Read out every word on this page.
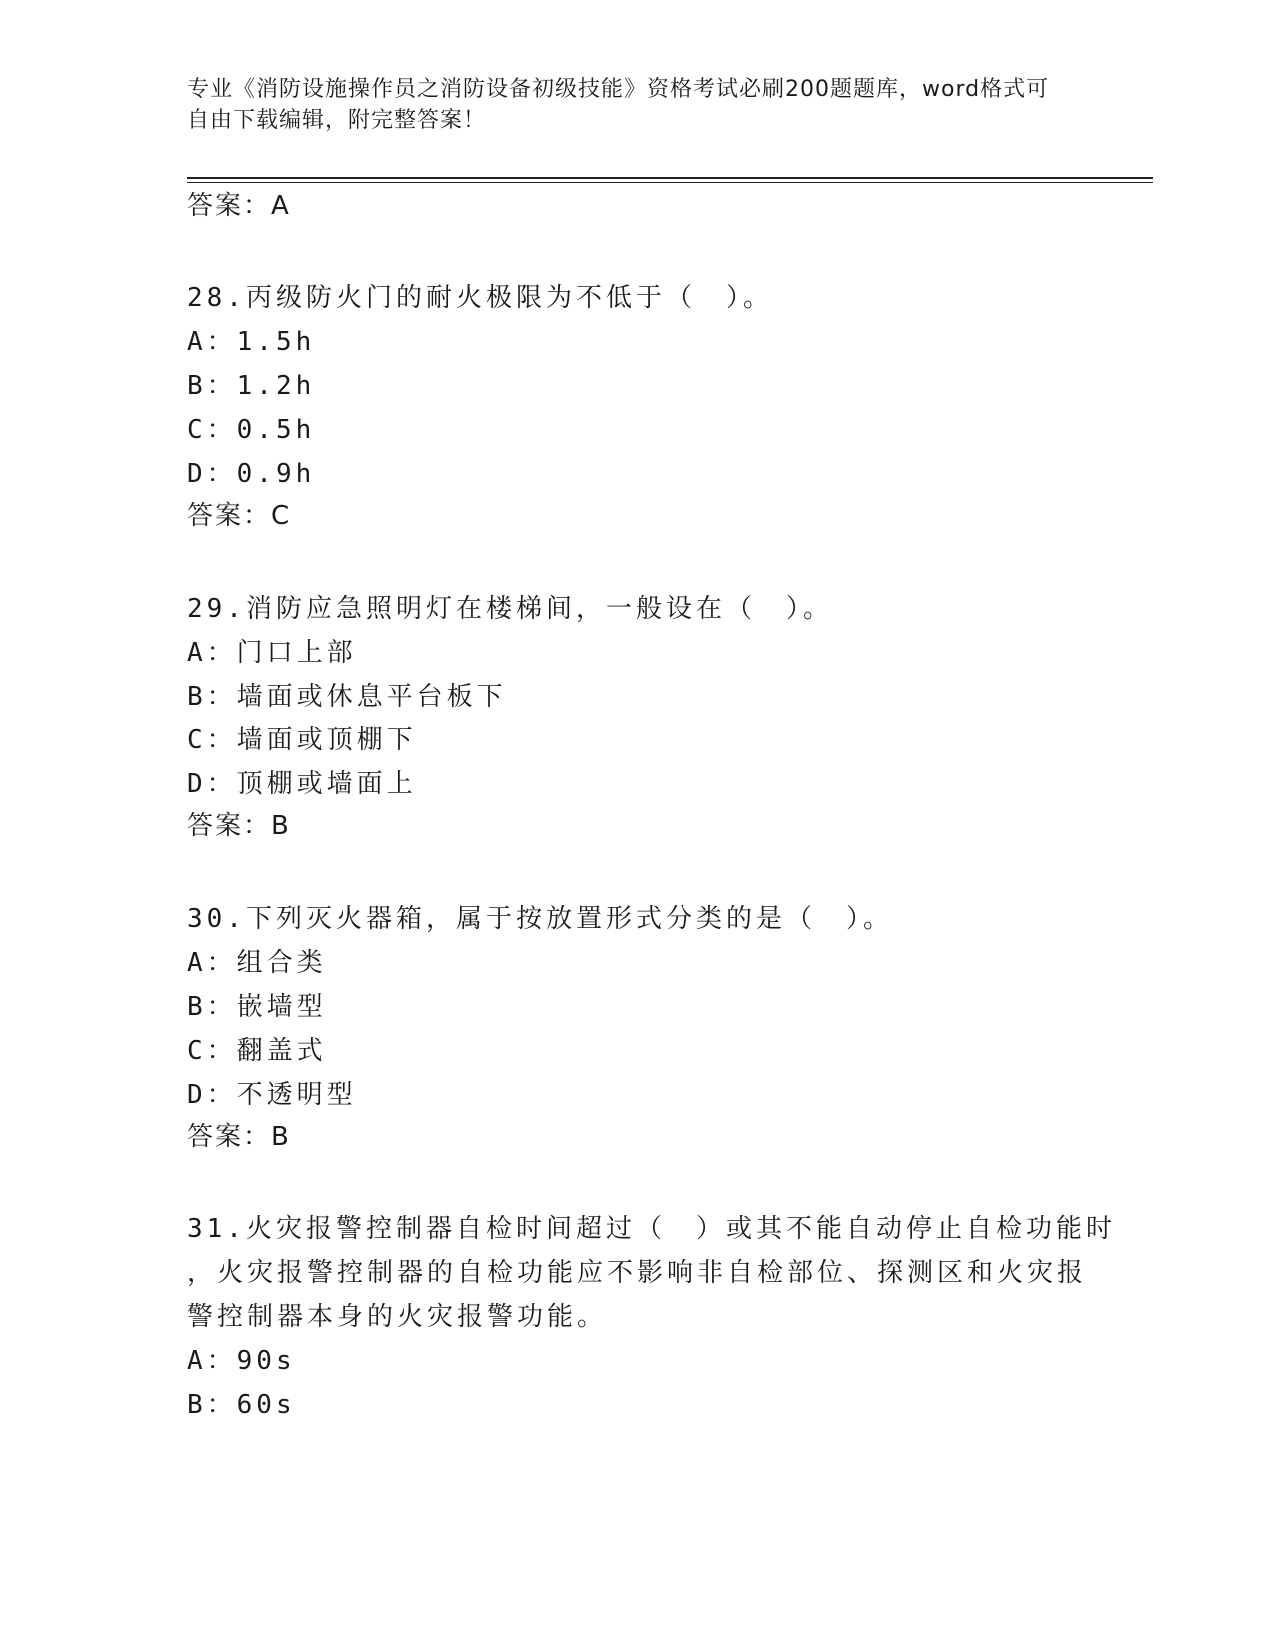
专业《消防设施操作员之消防设备初级技能》资格考试必刷200题题库，word格式可自由下载编辑，附完整答案！
答案：A
28.丙级防火门的耐火极限为不低于（　）。
A：1.5h
B：1.2h
C：0.5h
D：0.9h
答案：C
29.消防应急照明灯在楼梯间，一般设在（　）。
A：门口上部
B：墙面或休息平台板下
C：墙面或顶棚下
D：顶棚或墙面上
答案：B
30.下列灭火器箱，属于按放置形式分类的是（　）。
A：组合类
B：嵌墙型
C：翻盖式
D：不透明型
答案：B
31.火灾报警控制器自检时间超过（　）或其不能自动停止自检功能时
，火灾报警控制器的自检功能应不影响非自检部位、探测区和火灾报
警控制器本身的火灾报警功能。
A：90s
B：60s
